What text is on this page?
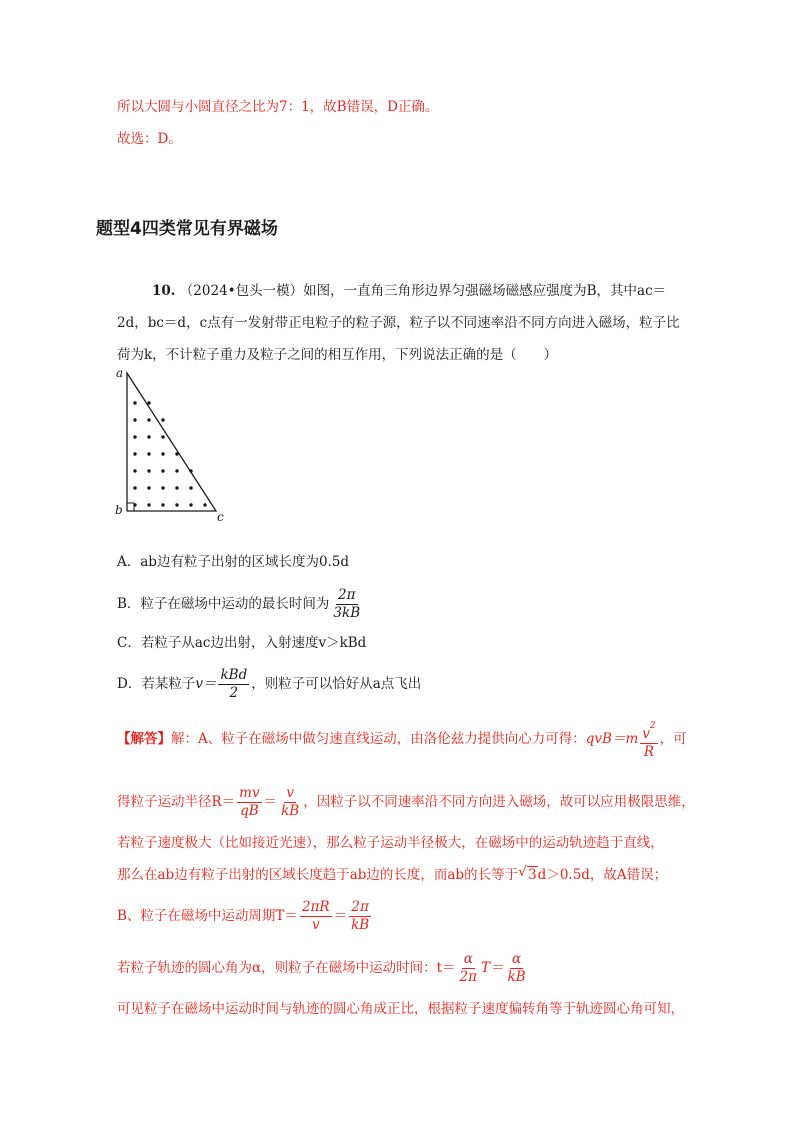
所以大圆与小圆直径之比为7：1，故B错误，D正确。
故选：D。
题型4四类常见有界磁场
10. （2024•包头一模）如图，一直角三角形边界匀强磁场磁感应强度为B，其中ac＝
2d，bc＝d，c点有一发射带正电粒子的粒子源，粒子以不同速率沿不同方向进入磁场，粒子比
荷为k，不计粒子重力及粒子之间的相互作用，下列说法正确的是（　　）
a
b	c
A．ab边有粒子出射的区域长度为0.5d
B．粒子在磁场中运动的最长时间为 $\frac{2\pi}{3kB}$
C．若粒子从ac边出射，入射速度v＞kBd
D．若某粒子$v= \frac{\text{kBd}}{2}$ ，则粒子可以恰好从a点飞出
【解答】解：A、粒子在磁场中做匀速直线运动，由洛伦兹力提供向心力可得：$qvB=m \frac{v^2}{R}$ ，可
得粒子运动半径$R= \frac{mv}{qB} = \frac{v}{kB}$ ，因粒子以不同速率沿不同方向进入磁场，故可以应用极限思维，
若粒子速度极大（比如接近光速），那么粒子运动半径极大，在磁场中的运动轨迹趋于直线，
那么在ab边有粒子出射的区域长度趋于ab边的长度，而ab的长等于 √ 3d＞0.5d，故A错误；
B、粒子在磁场中运动周期$T= \frac{2\pi R}{v} = \frac{2\pi}{kB}$
若粒子轨迹的圆心角为α，则粒子在磁场中运动时间：$t= \frac{\alpha}{2\pi} T= \frac{\alpha}{kB}$
可见粒子在磁场中运动时间与轨迹的圆心角成正比，根据粒子速度偏转角等于轨迹圆心角可知，
